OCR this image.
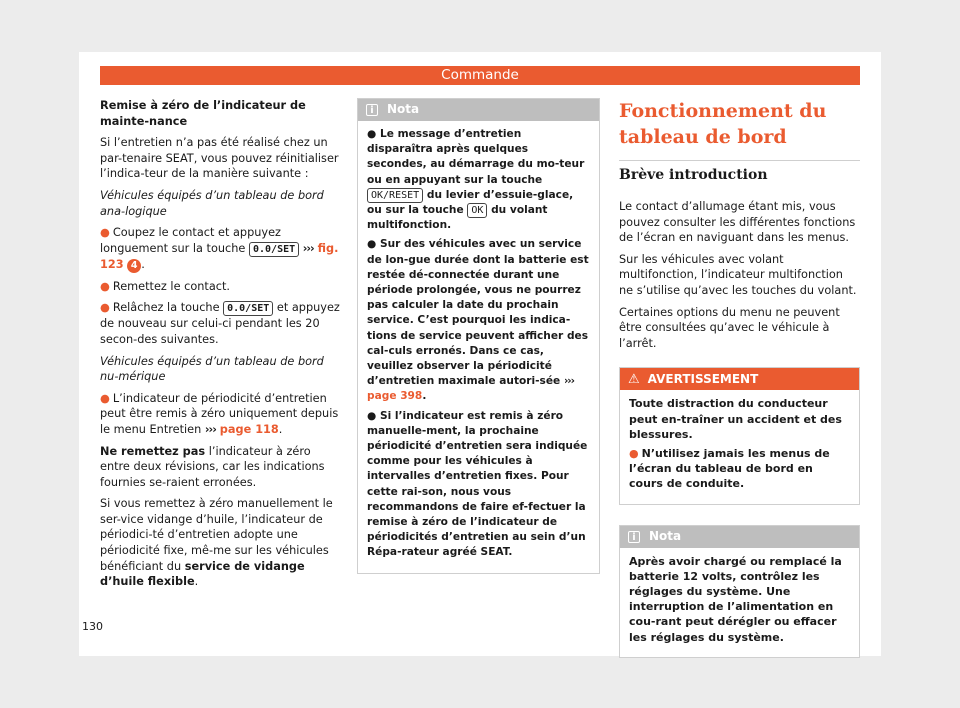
Commande

Remise à zéro de l’indicateur de mainte-nance

Si l’entretien n’a pas été réalisé chez un par-tenaire SEAT, vous pouvez réinitialiser l’indica-teur de la manière suivante :

Véhicules équipés d’un tableau de bord ana-logique

● Coupez le contact et appuyez longuement sur la touche 0.0/SET ››› fig. 123 4 .

● Remettez le contact.

● Relâchez la touche 0.0/SET et appuyez de nouveau sur celui-ci pendant les 20 secon-des suivantes.

Véhicules équipés d’un tableau de bord nu-mérique

● L’indicateur de périodicité d’entretien peut être remis à zéro uniquement depuis le menu Entretien ››› page 118.

Ne remettez pas l’indicateur à zéro entre deux révisions, car les indications fournies se-raient erronées.

Si vous remettez à zéro manuellement le ser-vice vidange d’huile, l’indicateur de périodici-té d’entretien adopte une périodicité fixe, mê-me sur les véhicules bénéficiant du service de vidange d’huile flexible.

i
Nota

● Le message d’entretien disparaîtra après quelques secondes, au démarrage du mo-teur ou en appuyant sur la touche OK/RESET du levier d’essuie-glace, ou sur la touche OK du volant multifonction.

● Sur des véhicules avec un service de lon-gue durée dont la batterie est restée dé-connectée durant une période prolongée, vous ne pourrez pas calculer la date du prochain service. C’est pourquoi les indica-tions de service peuvent afficher des cal-culs erronés. Dans ce cas, veuillez observer la périodicité d’entretien maximale autori-sée ››› page 398.

● Si l’indicateur est remis à zéro manuelle-ment, la prochaine périodicité d’entretien sera indiquée comme pour les véhicules à intervalles d’entretien fixes. Pour cette rai-son, nous vous recommandons de faire ef-fectuer la remise à zéro de l’indicateur de périodicités d’entretien au sein d’un Répa-rateur agréé SEAT.

Fonctionnement du tableau de bord
Brève introduction

Le contact d’allumage étant mis, vous pouvez consulter les différentes fonctions de l’écran en naviguant dans les menus.

Sur les véhicules avec volant multifonction, l’indicateur multifonction ne s’utilise qu’avec les touches du volant.

Certaines options du menu ne peuvent être consultées qu’avec le véhicule à l’arrêt.

⚠ AVERTISSEMENT

Toute distraction du conducteur peut en-traîner un accident et des blessures.

● N’utilisez jamais les menus de l’écran du tableau de bord en cours de conduite.

i
Nota

Après avoir chargé ou remplacé la batterie 12 volts, contrôlez les réglages du système. Une interruption de l’alimentation en cou-rant peut dérégler ou effacer les réglages du système.

130
